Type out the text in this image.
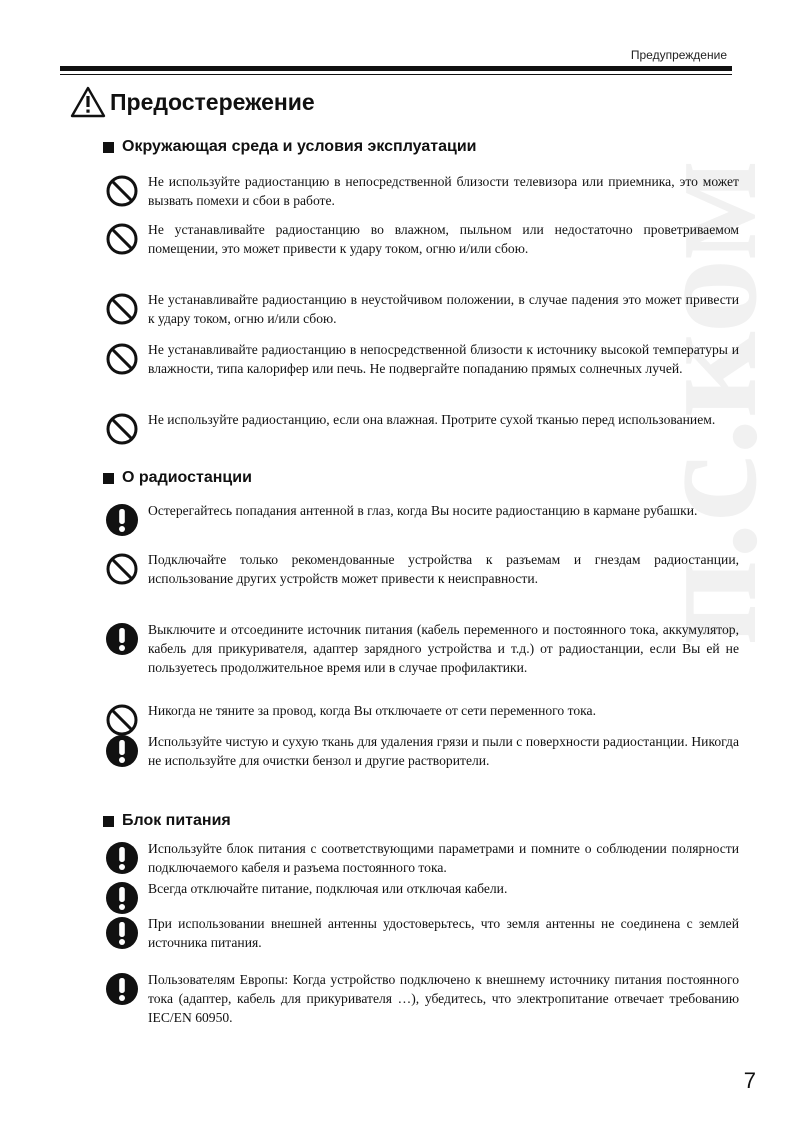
Предупреждение
п.с.ком
Предостережение
Окружающая среда и условия эксплуатации
Не используйте радиостанцию в непосредственной близости телевизора или приемника, это может вызвать помехи и сбои в работе.
Не устанавливайте радиостанцию во влажном, пыльном или недостаточно проветриваемом помещении, это может привести к удару током, огню и/или сбою.
Не устанавливайте радиостанцию в неустойчивом положении, в случае падения это может привести к удару током, огню и/или сбою.
Не устанавливайте радиостанцию в непосредственной близости к источнику высокой температуры и влажности, типа калорифер или печь. Не подвергайте попаданию прямых солнечных лучей.
Не используйте радиостанцию, если она влажная. Протрите сухой тканью перед использованием.
О радиостанции
Остерегайтесь попадания антенной в глаз, когда Вы носите радиостанцию в кармане рубашки.
Подключайте только рекомендованные устройства к разъемам и гнездам радиостанции, использование других устройств может привести к неисправности.
Выключите и отсоедините источник питания (кабель переменного и постоянного тока, аккумулятор, кабель для прикуривателя, адаптер зарядного устройства и т.д.) от радиостанции, если Вы ей не пользуетесь продолжительное время или в случае профилактики.
Никогда не тяните за провод, когда Вы отключаете от сети переменного тока.
Используйте чистую и сухую ткань для удаления грязи и пыли с поверхности радиостанции. Никогда не используйте для очистки бензол и другие растворители.
Блок питания
Используйте блок питания с соответствующими параметрами и помните о соблюдении полярности подключаемого кабеля и разъема постоянного тока.
Всегда отключайте питание, подключая или отключая кабели.
При использовании внешней антенны удостоверьтесь, что земля антенны не соединена с землей источника питания.
Пользователям Европы: Когда устройство подключено к внешнему источнику питания постоянного тока (адаптер, кабель для прикуривателя …), убедитесь, что электропитание отвечает требованию IEC/EN 60950.
7
